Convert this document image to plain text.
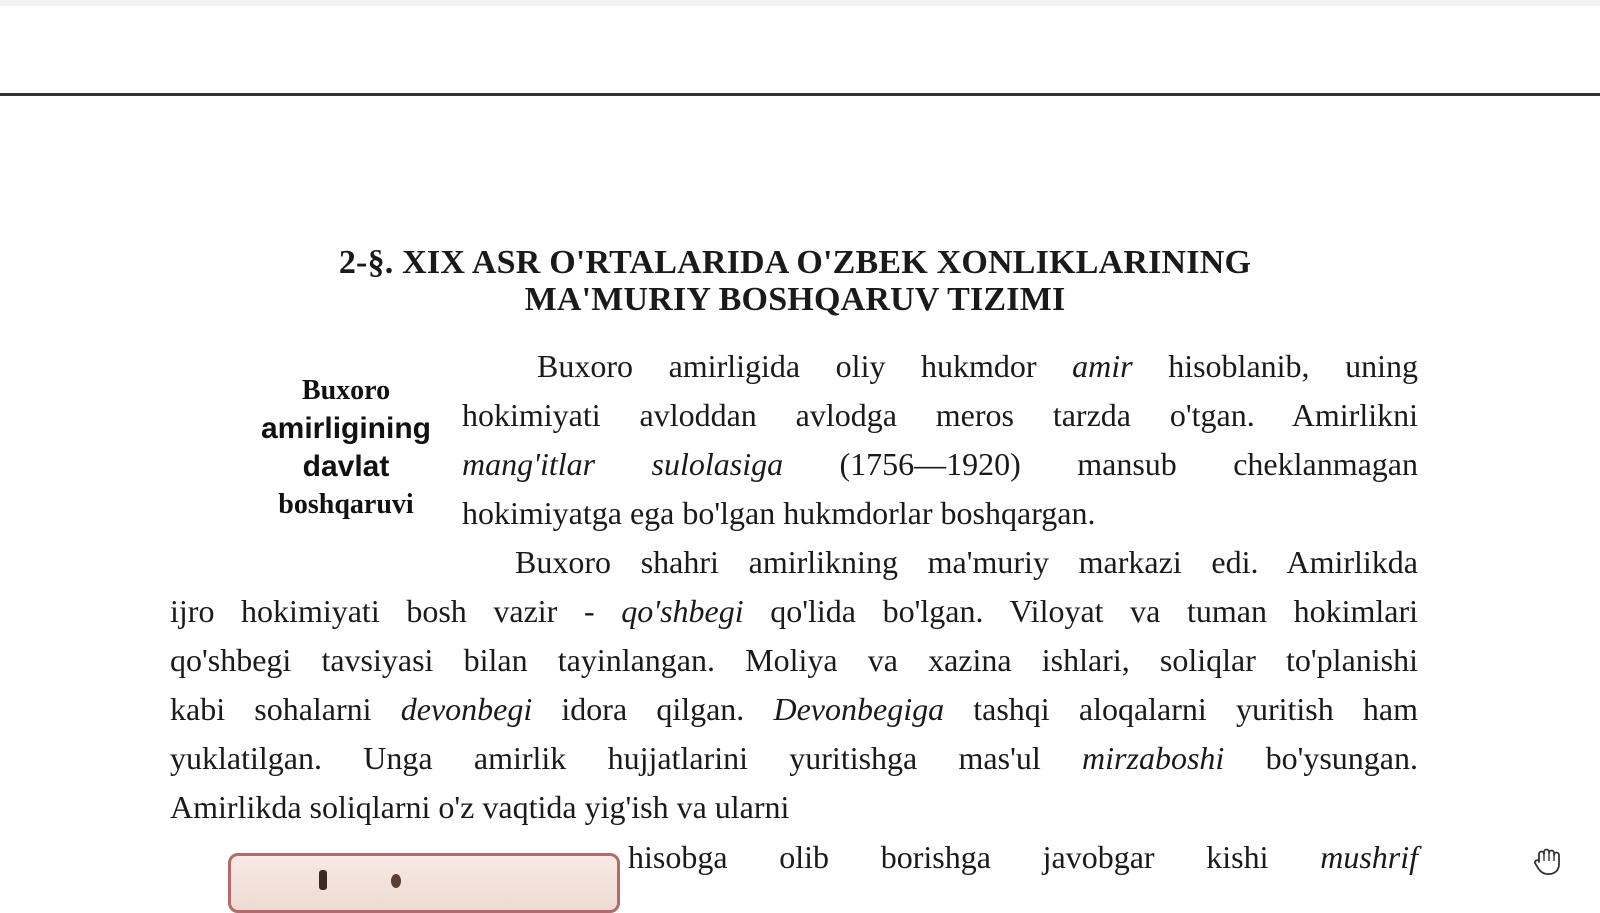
2-§. XIX ASR O'RTALARIDA O'ZBEK XONLIKLARINING
MA'MURIY BOSHQARUV TIZIMI
Buxoro
amirligining
davlat
boshqaruvi
Buxoro amirligida oliy hukmdor amir hisoblanib, uning
hokimiyati avloddan avlodga meros tarzda o'tgan. Amirlikni
mang'itlar sulolasiga (1756—1920) mansub cheklanmagan
hokimiyatga ega bo'lgan hukmdorlar boshqargan.
Buxoro shahri amirlikning ma'muriy markazi edi. Amirlikda
ijro hokimiyati bosh vazir - qo'shbegi qo'lida bo'lgan. Viloyat va tuman hokimlari
qo'shbegi tavsiyasi bilan tayinlangan. Moliya va xazina ishlari, soliqlar to'planishi
kabi sohalarni devonbegi idora qilgan. Devonbegiga tashqi aloqalarni yuritish ham
yuklatilgan. Unga amirlik hujjatlarini yuritishga mas'ul mirzaboshi bo'ysungan.
Amirlikda soliqlarni o'z vaqtida yig'ish va ularni
hisobga olib borishga javobgar kishi mushrif
